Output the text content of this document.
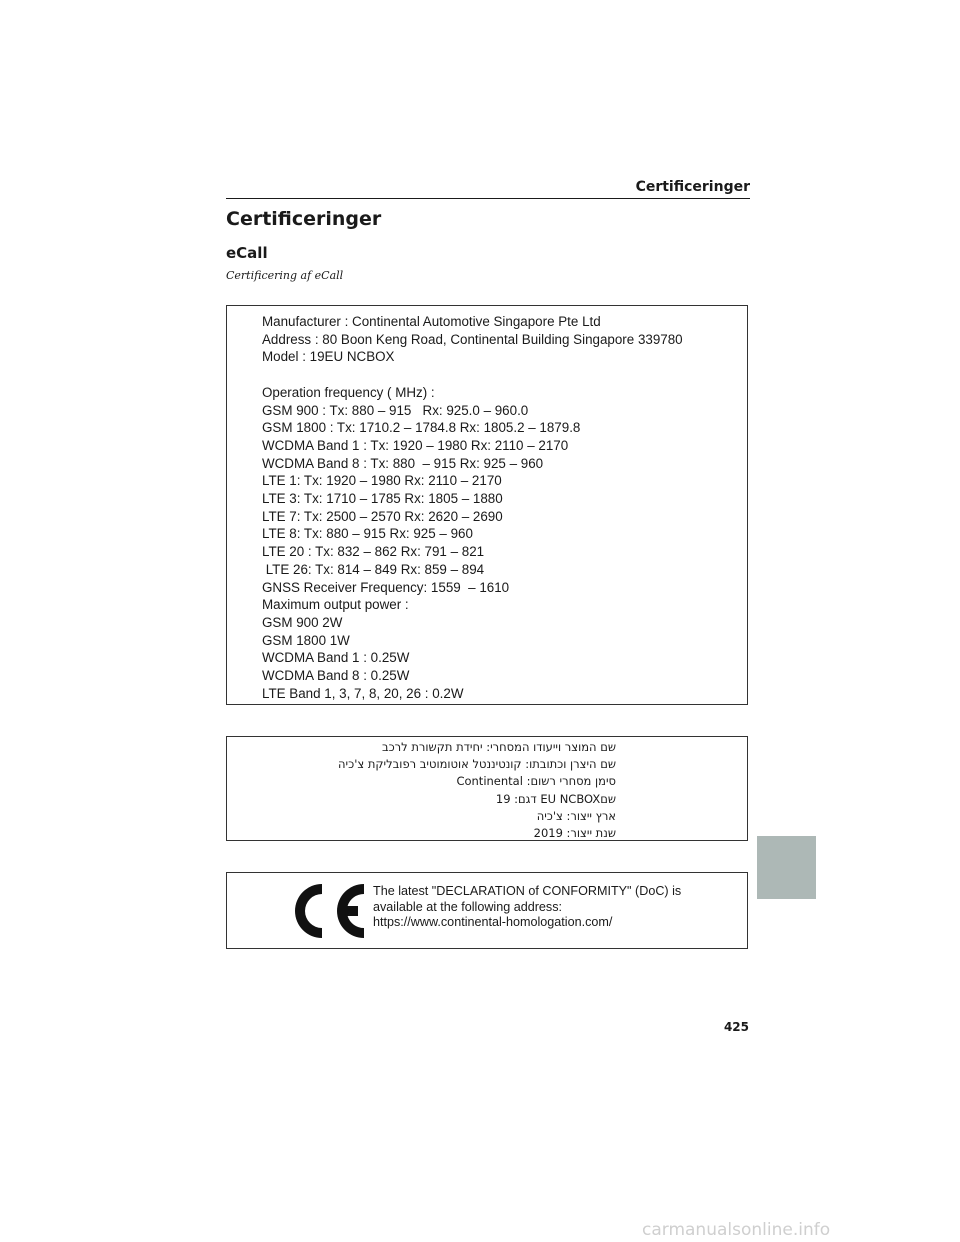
Certificeringer
Certificeringer
eCall

Certificering af eCall

Manufacturer : Continental Automotive Singapore Pte Ltd
Address : 80 Boon Keng Road, Continental Building Singapore 339780
Model : 19EU NCBOX
Operation frequency ( MHz) :
GSM 900 : Tx: 880 – 915   Rx: 925.0 – 960.0
GSM 1800 : Tx: 1710.2 – 1784.8 Rx: 1805.2 – 1879.8
WCDMA Band 1 : Tx: 1920 – 1980 Rx: 2110 – 2170
WCDMA Band 8 : Tx: 880  – 915 Rx: 925 – 960
LTE 1: Tx: 1920 – 1980 Rx: 2110 – 2170
LTE 3: Tx: 1710 – 1785 Rx: 1805 – 1880
LTE 7: Tx: 2500 – 2570 Rx: 2620 – 2690
LTE 8: Tx: 880 – 915 Rx: 925 – 960
LTE 20 : Tx: 832 – 862 Rx: 791 – 821
LTE 26: Tx: 814 – 849 Rx: 859 – 894
GNSS Receiver Frequency: 1559  – 1610
Maximum output power :
GSM 900 2W
GSM 1800 1W
WCDMA Band 1 : 0.25W
WCDMA Band 8 : 0.25W
LTE Band 1, 3, 7, 8, 20, 26 : 0.2W
שם המוצר וייעודו המסחרי: יחידת תקשורת לרכב
שם היצרן וכתובתו: קונטיננטל אוטומוטיב רפובליקת צ'כיה
סימן מסחרי רשום: Continental
שםEU NCBOX דגם: 19
ארץ ייצור: צ'כיה
שנת ייצור: 2019
The latest "DECLARATION of CONFORMITY" (DoC) is
available at the following address:
https://www.continental-homologation.com/
425
carmanualsonline.info
